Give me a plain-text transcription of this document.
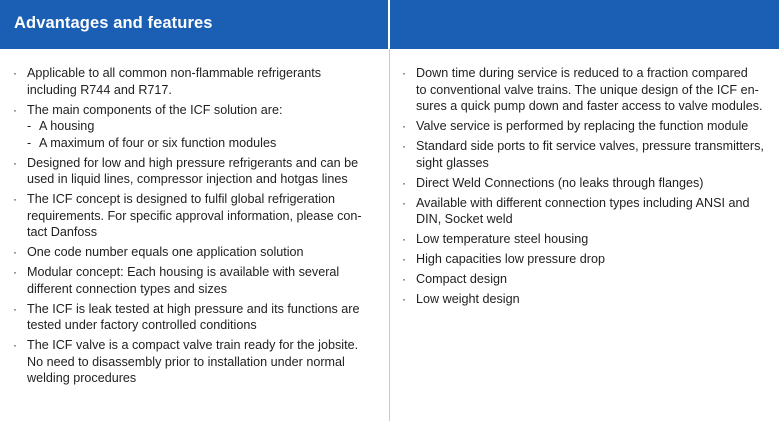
Advantages and features
· Applicable to all common non-flammable refrigerants
including R744 and R717.
· The main components of the ICF solution are:
- A housing
- A maximum of four or six function modules
· Designed for low and high pressure refrigerants and can be
used in liquid lines, compressor injection and hotgas lines
· The ICF concept is designed to fulfil global refrigeration
requirements. For specific approval information, please con-
tact Danfoss
· One code number equals one application solution
· Modular concept: Each housing is available with several
different connection types and sizes
· The ICF is leak tested at high pressure and its functions are
tested under factory controlled conditions
· The ICF valve is a compact valve train ready for the jobsite.
No need to disassembly prior to installation under normal
welding procedures
· Down time during service is reduced to a fraction compared
to conventional valve trains. The unique design of the ICF en-
sures a quick pump down and faster access to valve modules.
· Valve service is performed by replacing the function module
· Standard side ports to fit service valves, pressure transmitters,
sight glasses
· Direct Weld Connections (no leaks through flanges)
· Available with different connection types including ANSI and
DIN, Socket weld
· Low temperature steel housing
· High capacities low pressure drop
· Compact design
· Low weight design
